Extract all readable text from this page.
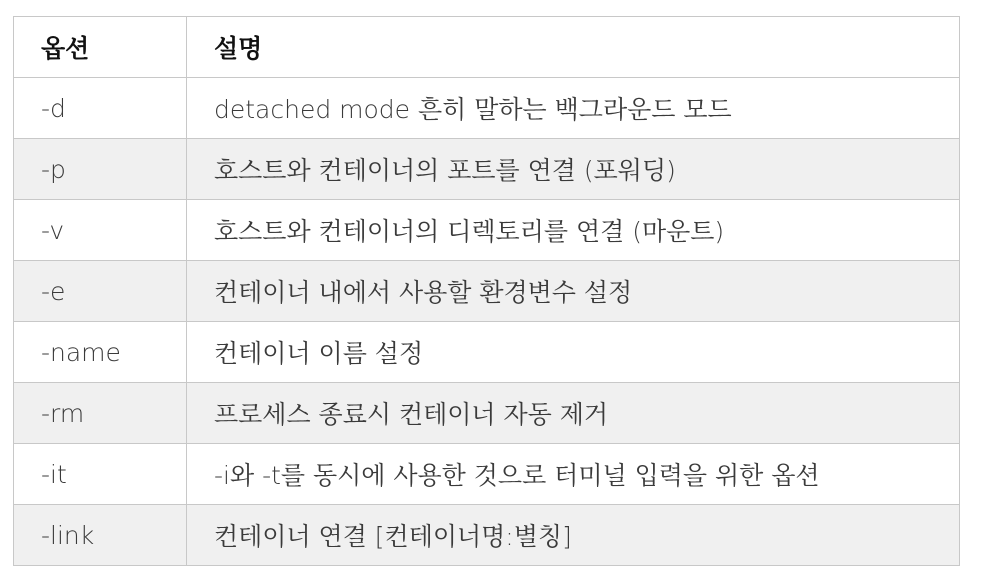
옵션	설명
-d	detached mode 흔히 말하는 백그라운드 모드
-p	호스트와 컨테이너의 포트를 연결 (포워딩)
-v	호스트와 컨테이너의 디렉토리를 연결 (마운트)
-e	컨테이너 내에서 사용할 환경변수 설정
-name	컨테이너 이름 설정
-rm	프로세스 종료시 컨테이너 자동 제거
-it	-i와 -t를 동시에 사용한 것으로 터미널 입력을 위한 옵션
-link	컨테이너 연결 [컨테이너명:별칭]
